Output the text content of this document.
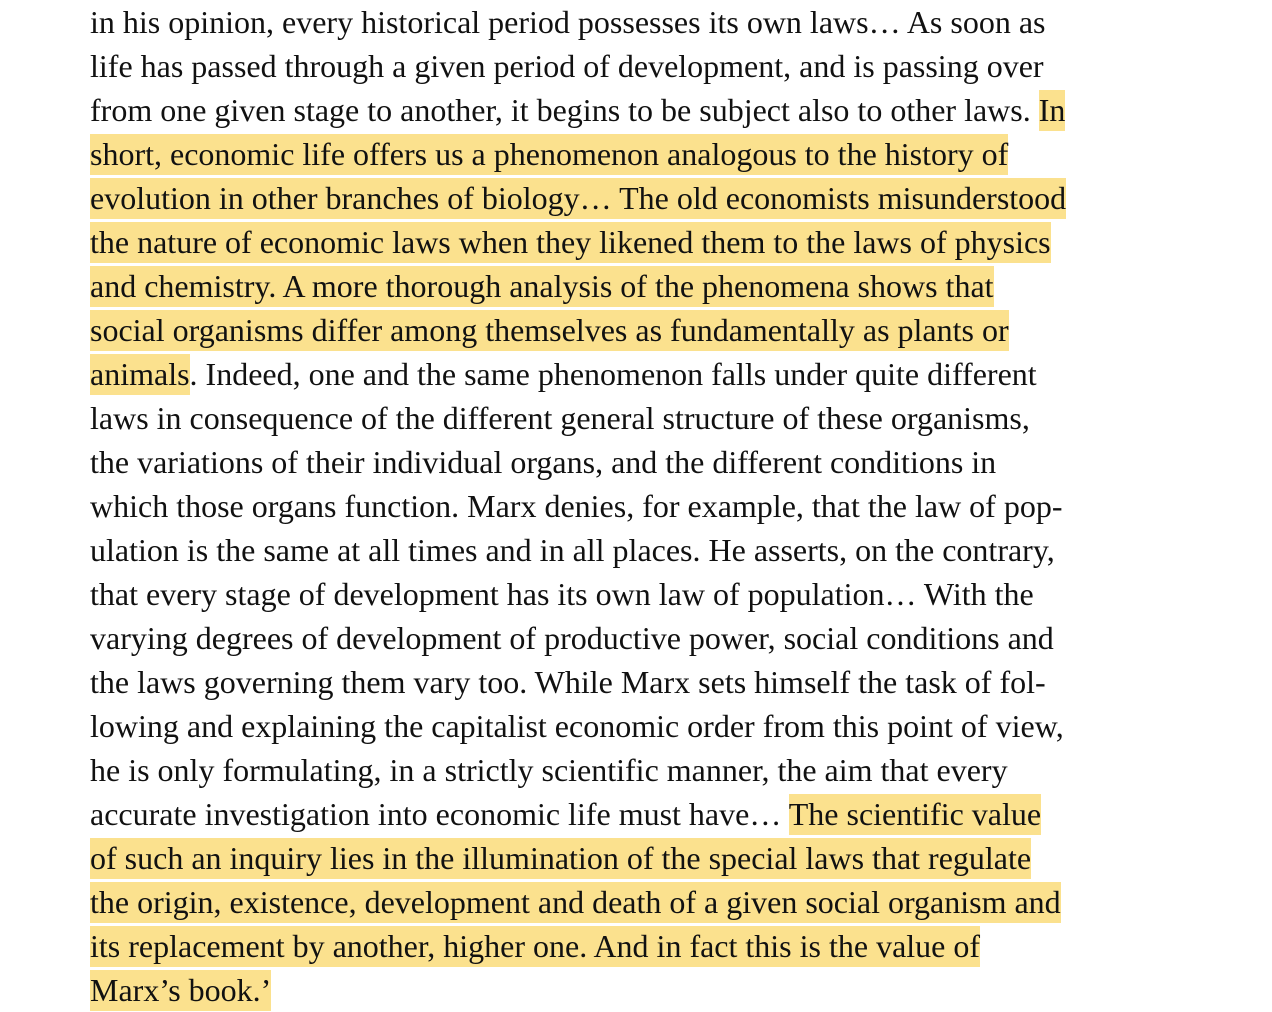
in his opinion, every historical period possesses its own laws… As soon as
life has passed through a given period of development, and is passing over
from one given stage to another, it begins to be subject also to other laws. In
short, economic life offers us a phenomenon analogous to the history of
evolution in other branches of biology… The old economists misunderstood
the nature of economic laws when they likened them to the laws of physics
and chemistry. A more thorough analysis of the phenomena shows that
social organisms differ among themselves as fundamentally as plants or
animals. Indeed, one and the same phenomenon falls under quite different
laws in consequence of the different general structure of these organisms,
the variations of their individual organs, and the different conditions in
which those organs function. Marx denies, for example, that the law of pop-
ulation is the same at all times and in all places. He asserts, on the contrary,
that every stage of development has its own law of population… With the
varying degrees of development of productive power, social conditions and
the laws governing them vary too. While Marx sets himself the task of fol-
lowing and explaining the capitalist economic order from this point of view,
he is only formulating, in a strictly scientific manner, the aim that every
accurate investigation into economic life must have… The scientific value
of such an inquiry lies in the illumination of the special laws that regulate
the origin, existence, development and death of a given social organism and
its replacement by another, higher one. And in fact this is the value of
Marx’s book.’
